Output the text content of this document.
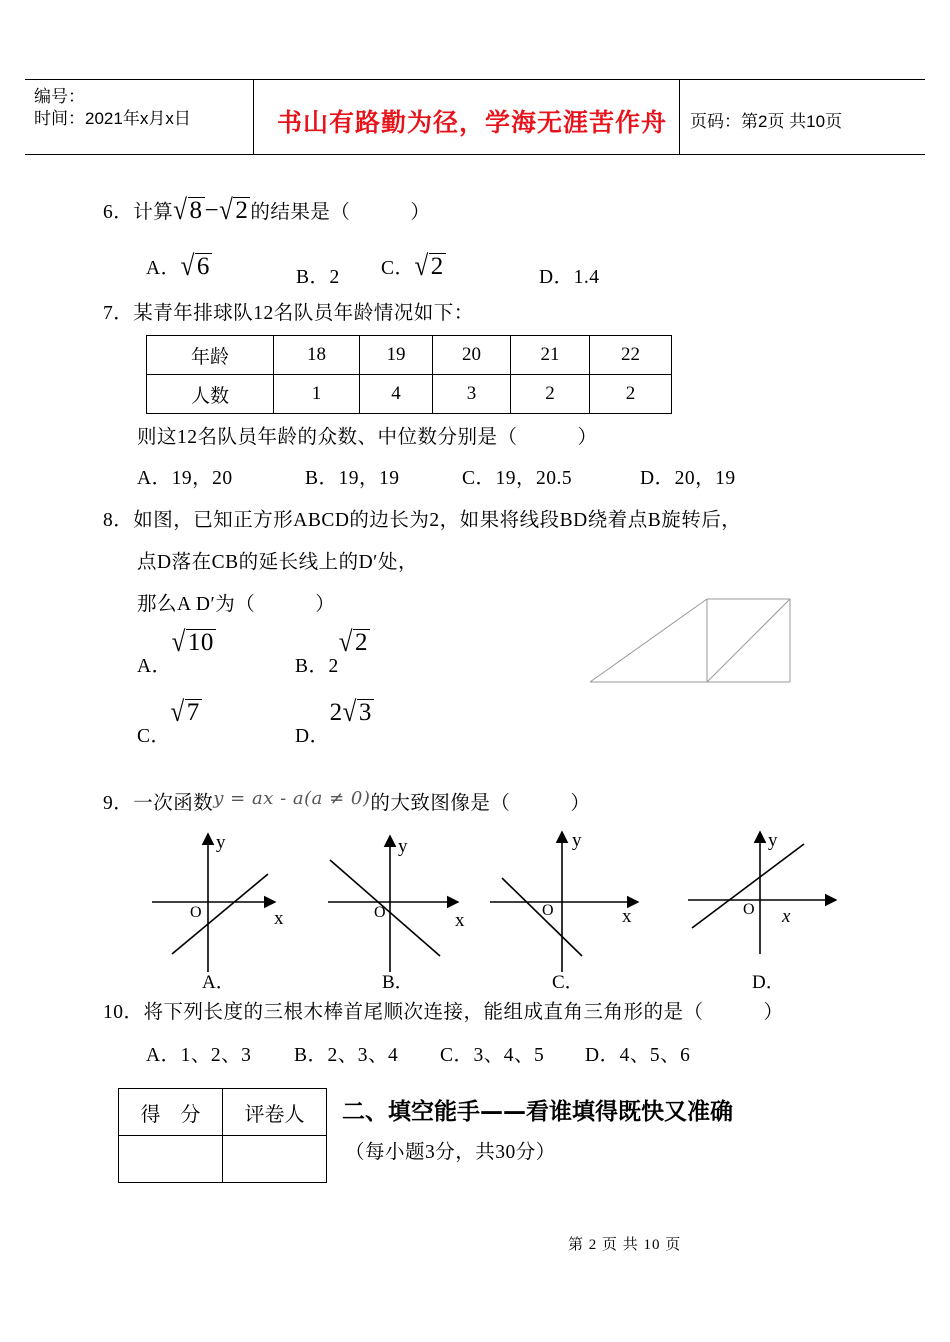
编号：
时间：2021年x月x日	书山有路勤为径，学海无涯苦作舟 页码：第2页 共10页
6．计算√8−√2 的结果是（　　　）
A．√6	B．2 C．√2	D．1.4
7．某青年排球队12名队员年龄情况如下：
年龄	18	19	20	21	22
人数	1	4	3	2	2
则这12名队员年龄的众数、中位数分别是（　　　）
A．19，20	B．19，19	C．19，20.5	D．20，19
8．如图，已知正方形ABCD的边长为2，如果将线段BD绕着点B旋转后，
点D落在CB的延长线上的D′处，
那么A D′为（　　　）
A．√10
B．2√2
C．√7
D．2√3
9．一次函数y = ax - a(a ≠ 0)的大致图像是（　　　）
y
O	x
A．
y
O	x
B．
y
O	x
C．
y
O x
D．
10．将下列长度的三根木棒首尾顺次连接，能组成直角三角形的是（　　　）
A．1、2、3 B．2、3、4 C．3、4、5 D．4、5、6
得　分	评卷人
	二、填空能手——看谁填得既快又准确
（每小题3分，共30分）
第 2 页 共 10 页
